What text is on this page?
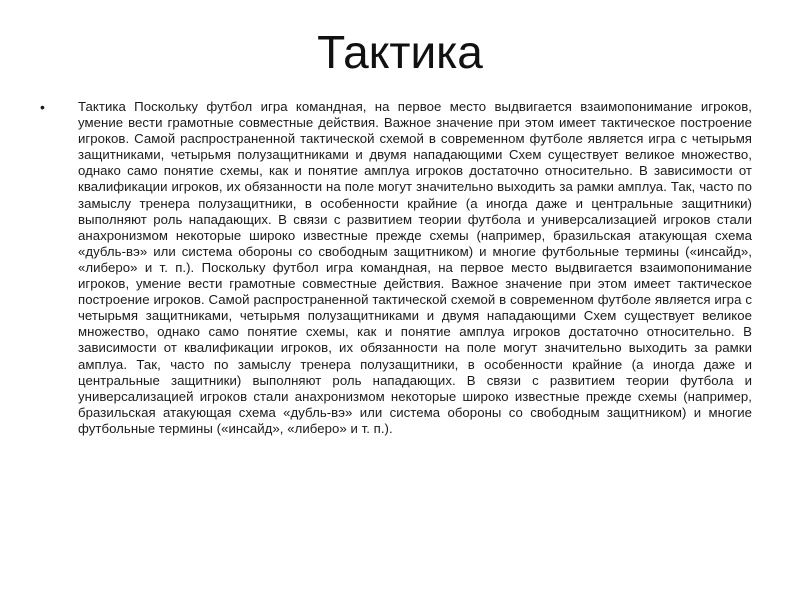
Тактика
•	Тактика Поскольку футбол игра командная, на первое место выдвигается взаимопонимание игроков, умение вести грамотные совместные действия. Важное значение при этом имеет тактическое построение игроков. Самой распространенной тактической схемой в современном футболе является игра с четырьмя защитниками, четырьмя полузащитниками и двумя нападающими Схем существует великое множество, однако само понятие схемы, как и понятие амплуа игроков достаточно относительно. В зависимости от квалификации игроков, их обязанности на поле могут значительно выходить за рамки амплуа. Так, часто по замыслу тренера полузащитники, в особенности крайние (а иногда даже и центральные защитники) выполняют роль нападающих. В связи с развитием теории футбола и универсализацией игроков стали анахронизмом некоторые широко известные прежде схемы (например, бразильская атакующая схема «дубль-вэ» или система обороны со свободным защитником) и многие футбольные термины («инсайд», «либеро» и т. п.). Поскольку футбол игра командная, на первое место выдвигается взаимопонимание игроков, умение вести грамотные совместные действия. Важное значение при этом имеет тактическое построение игроков. Самой распространенной тактической схемой в современном футболе является игра с четырьмя защитниками, четырьмя полузащитниками и двумя нападающими Схем существует великое множество, однако само понятие схемы, как и понятие амплуа игроков достаточно относительно. В зависимости от квалификации игроков, их обязанности на поле могут значительно выходить за рамки амплуа. Так, часто по замыслу тренера полузащитники, в особенности крайние (а иногда даже и центральные защитники) выполняют роль нападающих. В связи с развитием теории футбола и универсализацией игроков стали анахронизмом некоторые широко известные прежде схемы (например, бразильская атакующая схема «дубль-вэ» или система обороны со свободным защитником) и многие футбольные термины («инсайд», «либеро» и т. п.).
